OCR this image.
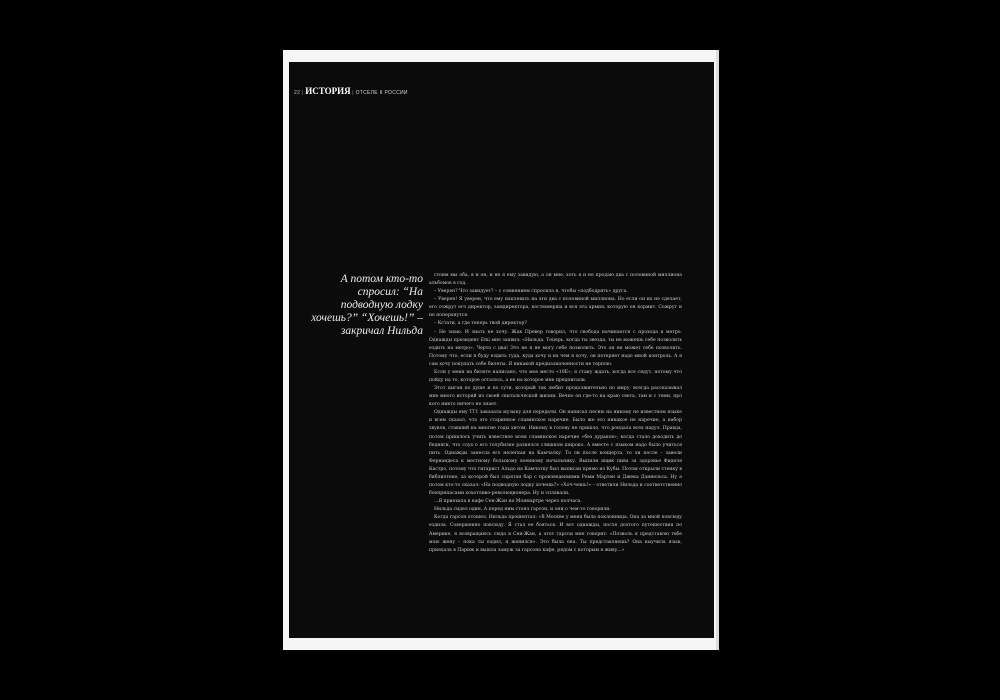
22 | ИСТОРИЯ | ОТСЕЛЕ К РОССИИ
А потом кто-то спросил: “На подводную лодку хочешь?” “Хочешь!” – закричал Нильда

стоим мы оба, я и он, и не я ему завидую, а он мне, хоть я и не продаю два с половиной миллиона альбомов в год.

– Уверен? Что завидует? – с сомнением спросила я, чтобы «подбодрить» друга.

– Уверен! Я уверен, что ему наплевать на эти два с половиной миллиона. Но если он их не сделает, его сожрут его директор, замдиректора, костюмерша и вся эта армия, которую он кормит. Сожрут и не поперхнутся.

– Кстати, а где теперь твой директор?

– Не знаю. И знать не хочу. Жак Превер говорил, что свобода начинается с прохода в метро. Однажды президент Еmi мне заявил: «Нильда. Теперь, когда ты звезда, ты не можешь себе позволить ездить на метро». Черта с два! Это не я не могу себе позволить. Это он не может себе позволить. Потому что, если я буду ездить туда, куда хочу и на чем я хочу, он потеряет надо мной контроль. А я сам хочу покупать себе билеты. Я никакой предназначенности не терплю.

Если у меня на билете написано, что мое место «10Е», я стану ждать, когда все сядут, потому что пойду на то, которое осталось, а не на которое мне предписали.

Этот цыган по душе и по сути, который так любит продолжительно по миру, всегда рассказывал мне много историй из своей скитальческой жизни. Вечно он где-то на краю света, там и с теми, про кого никто ничего не знает.

Однажды ему ТТ1 заказала музыку для передачи. Он написал песню на никому не известном языке и всем сказал, что это старинное славянское наречие. Было же это никакое не наречие, а набор звуков, ставший на многие годы хитом. Никому в голову не пришло, что рондала всех надул. Правда, потом пришлось учить известное всем славянское наречие «без дураков», когда стало доходить до бедняги, что слух о его голубизне разнялся слишком широко. А вместе с языком надо было учиться пить. Однажды занесла его нелегкая на Камчатку. То ли после концерта, то ли после – завели Фернандеса к местному большому военному начальнику. Выпили ящик пива за здоровье Фиделя Кастро, потому что гитарист Альдо на Камчатку был выписан прямо из Кубы. Потом открыли стенку в библиотеке, за которой был спрятан бар с произведениями Реми Мартен и Джека Дэниельса. Ну а потом кто-то сказал: «На подводную лодку хочешь?» «Хоч-чешь!» – ответили Нильда и соответственно боеприпасами хохотливо-революционера. Ну и сплавали.

...Я приехала в кафе Сен-Жан на Монмартре через полчаса.

Нильда сидел один. А перед ним стоял гарсон, и они о чем-то говорили.

Когда гарсон отошел, Нильда прошептал: «В Москве у меня была поклонница. Она за мной повсюду ездила. Совершенно повсюду. Я стал ее бояться. И вот однажды, после долгого путешествия по Америке, я возвращаюсь сюда в Сен-Жан, а этот гарсон мне говорит: «Позволь я представлю тебе мою жену – пока ты ездил, я женился». Это была она. Ты представляешь? Она выучила язык, приехала в Париж и вышла замуж за гарсона кафе, рядом с которым я живу...»
